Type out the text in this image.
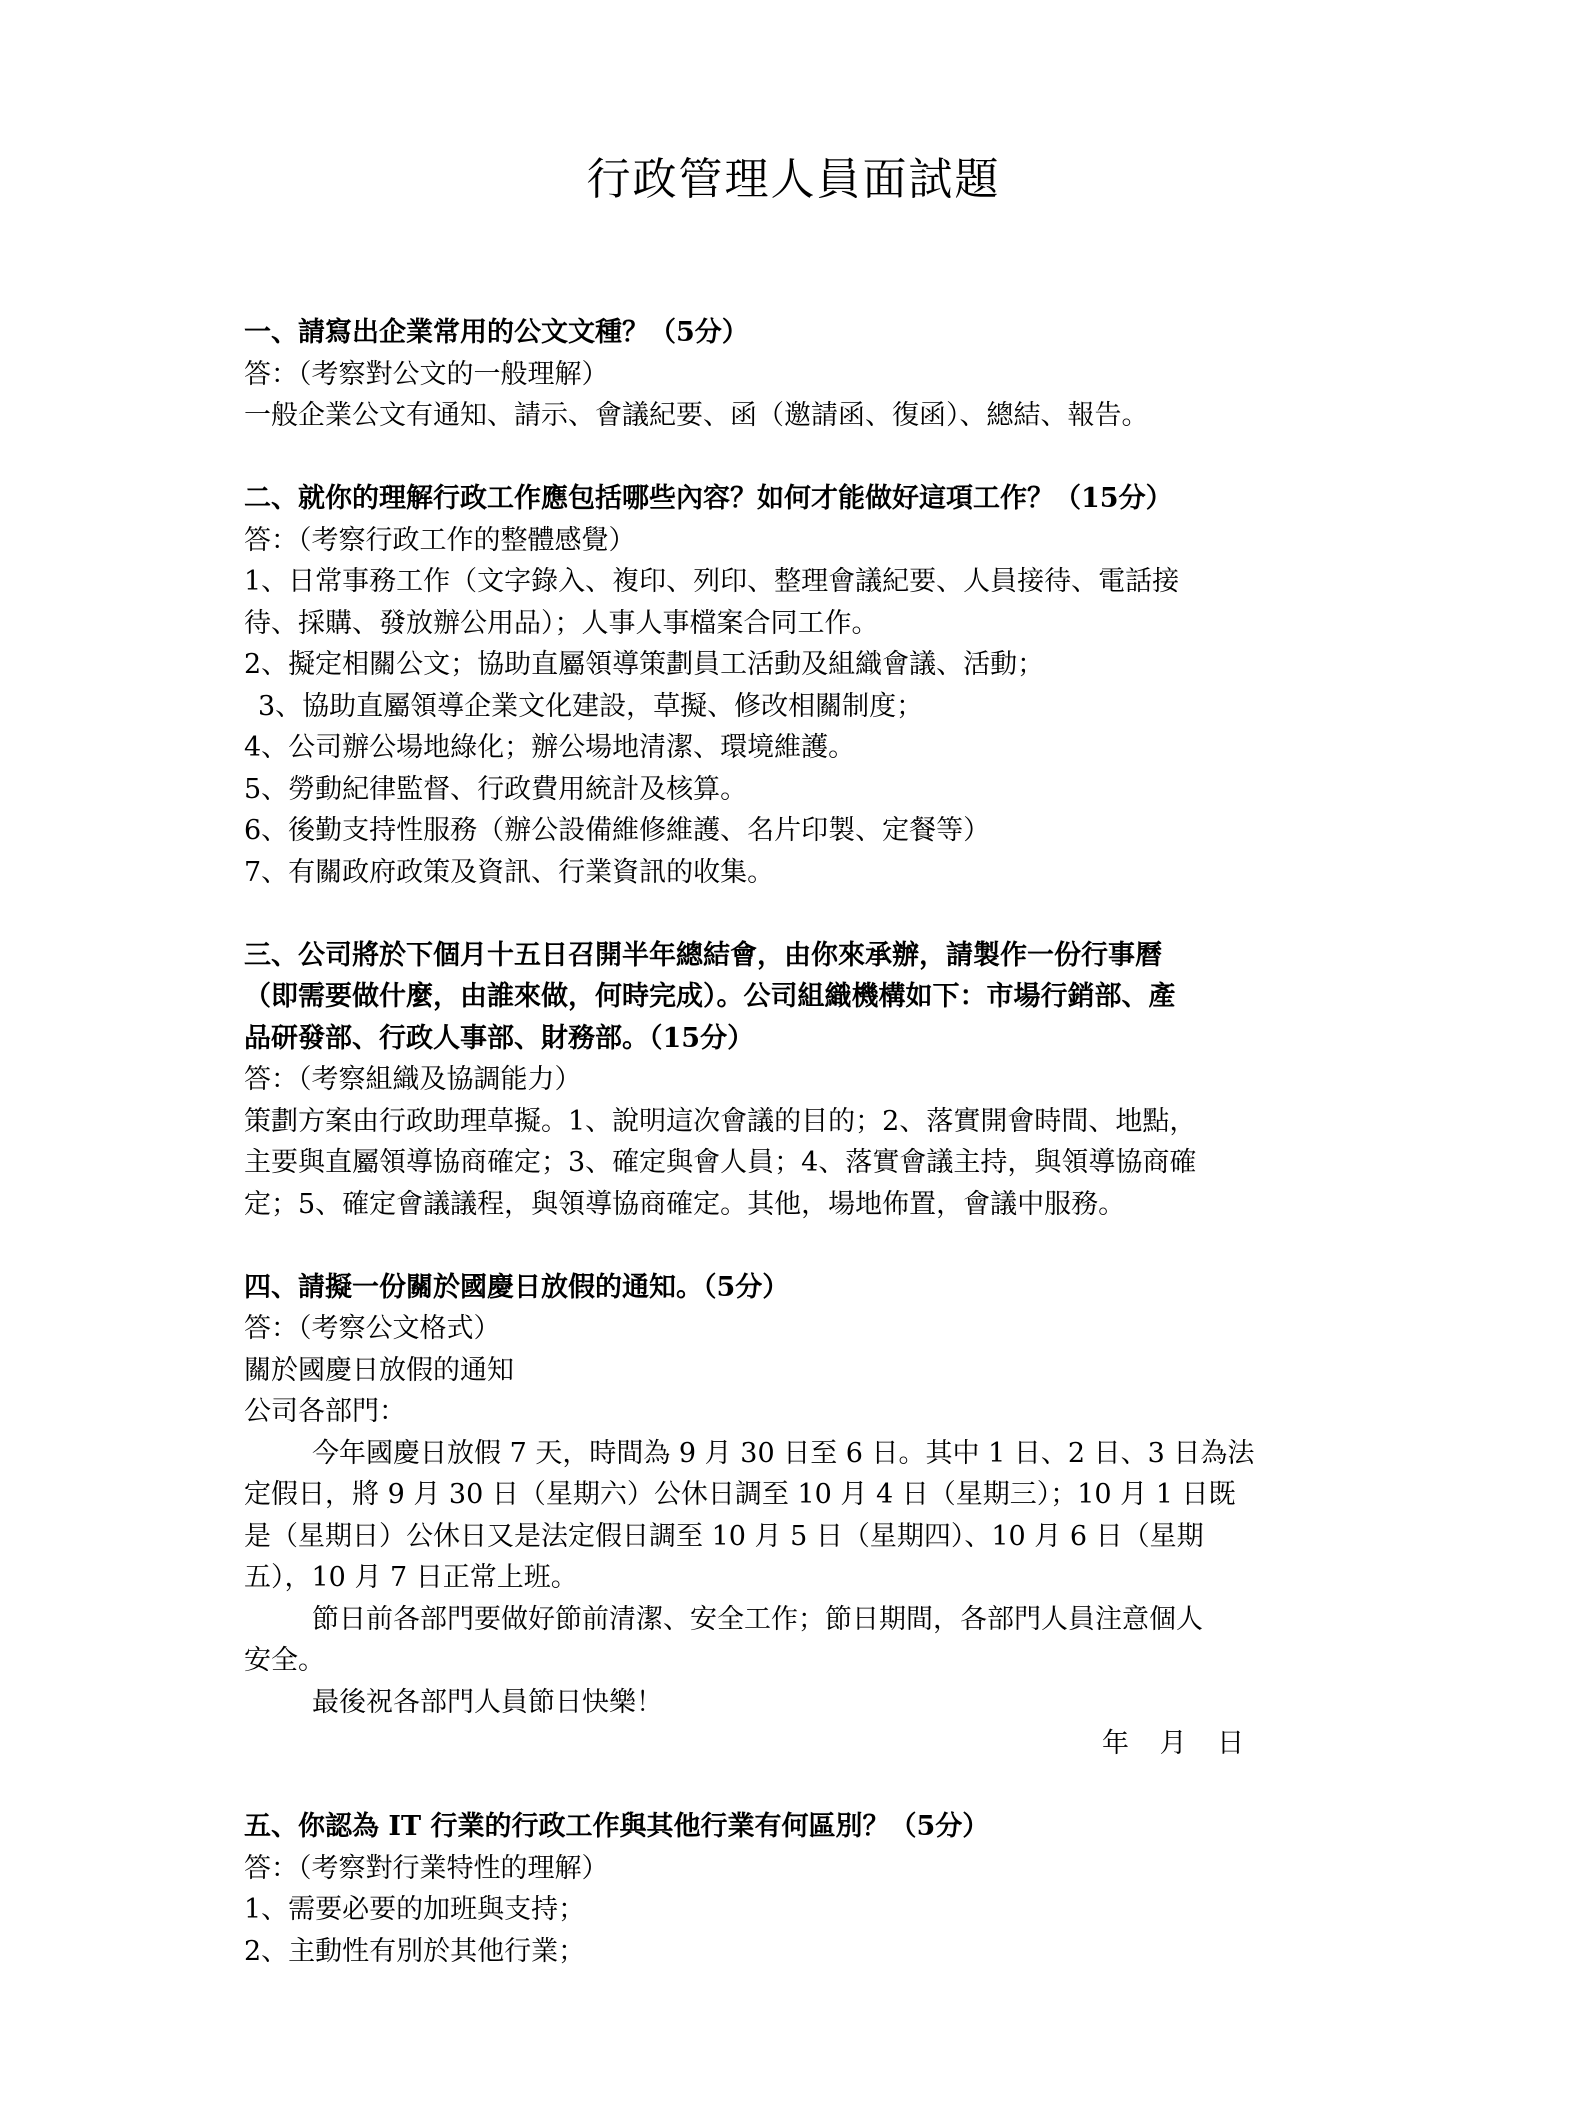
行政管理人員面試題
一、請寫出企業常用的公文文種？（5分）
答：（考察對公文的一般理解）
一般企業公文有通知、請示、會議紀要、函（邀請函、復函）、總結、報告。
二、就你的理解行政工作應包括哪些內容？如何才能做好這項工作？（15分）
答：（考察行政工作的整體感覺）
1、日常事務工作（文字錄入、複印、列印、整理會議紀要、人員接待、電話接
待、採購、發放辦公用品）；人事人事檔案合同工作。
2、擬定相關公文；協助直屬領導策劃員工活動及組織會議、活動；
3、協助直屬領導企業文化建設，草擬、修改相關制度；
4、公司辦公場地綠化；辦公場地清潔、環境維護。
5、勞動紀律監督、行政費用統計及核算。
6、後勤支持性服務（辦公設備維修維護、名片印製、定餐等）
7、有關政府政策及資訊、行業資訊的收集。
三、公司將於下個月十五日召開半年總結會，由你來承辦，請製作一份行事曆
（即需要做什麼，由誰來做，何時完成）。公司組織機構如下：市場行銷部、產
品研發部、行政人事部、財務部。（15分）
答：（考察組織及協調能力）
策劃方案由行政助理草擬。1、說明這次會議的目的；2、落實開會時間、地點，
主要與直屬領導協商確定；3、確定與會人員；4、落實會議主持，與領導協商確
定；5、確定會議議程，與領導協商確定。其他，場地佈置，會議中服務。
四、請擬一份關於國慶日放假的通知。（5分）
答：（考察公文格式）
關於國慶日放假的通知
公司各部門：
今年國慶日放假 7 天，時間為 9 月 30 日至 6 日。其中 1 日、2 日、3 日為法
定假日，將 9 月 30 日（星期六）公休日調至 10 月 4 日（星期三）；10 月 1 日既
是（星期日）公休日又是法定假日調至 10 月 5 日（星期四）、10 月 6 日（星期
五），10 月 7 日正常上班。
節日前各部門要做好節前清潔、安全工作；節日期間，各部門人員注意個人
安全。
最後祝各部門人員節日快樂！
年 月 日
五、你認為 IT 行業的行政工作與其他行業有何區別？（5分）
答：（考察對行業特性的理解）
1、需要必要的加班與支持；
2、主動性有別於其他行業；
